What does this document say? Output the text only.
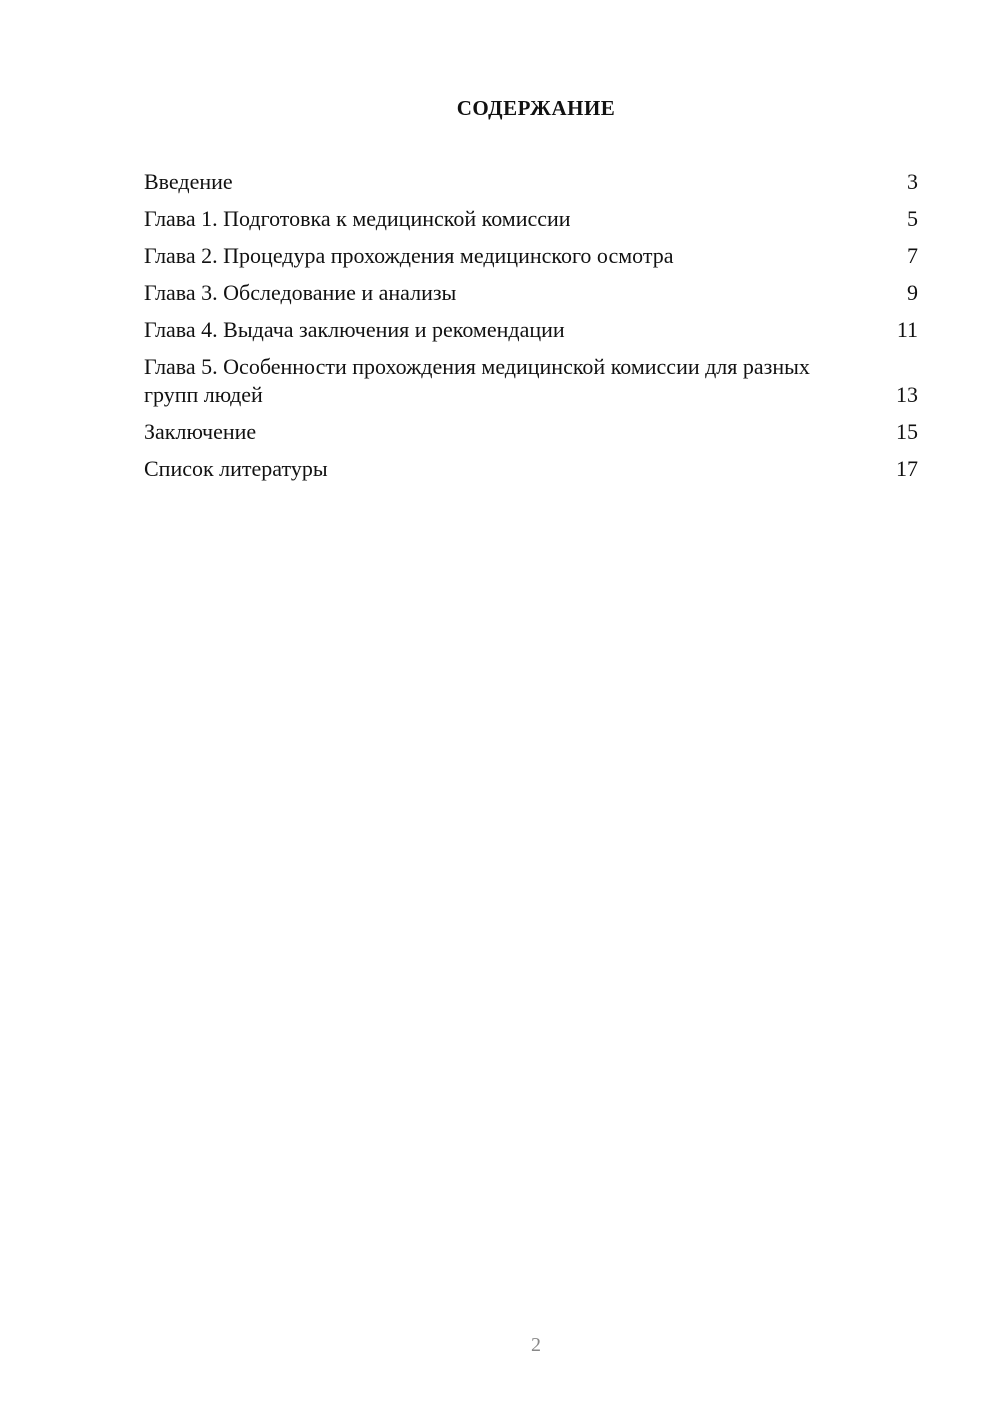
СОДЕРЖАНИЕ
Введение	3
Глава 1. Подготовка к медицинской комиссии	5
Глава 2. Процедура прохождения медицинского осмотра	7
Глава 3. Обследование и анализы	9
Глава 4. Выдача заключения и рекомендации	11
Глава 5. Особенности прохождения медицинской комиссии для разных групп людей	13
Заключение	15
Список литературы	17
2
